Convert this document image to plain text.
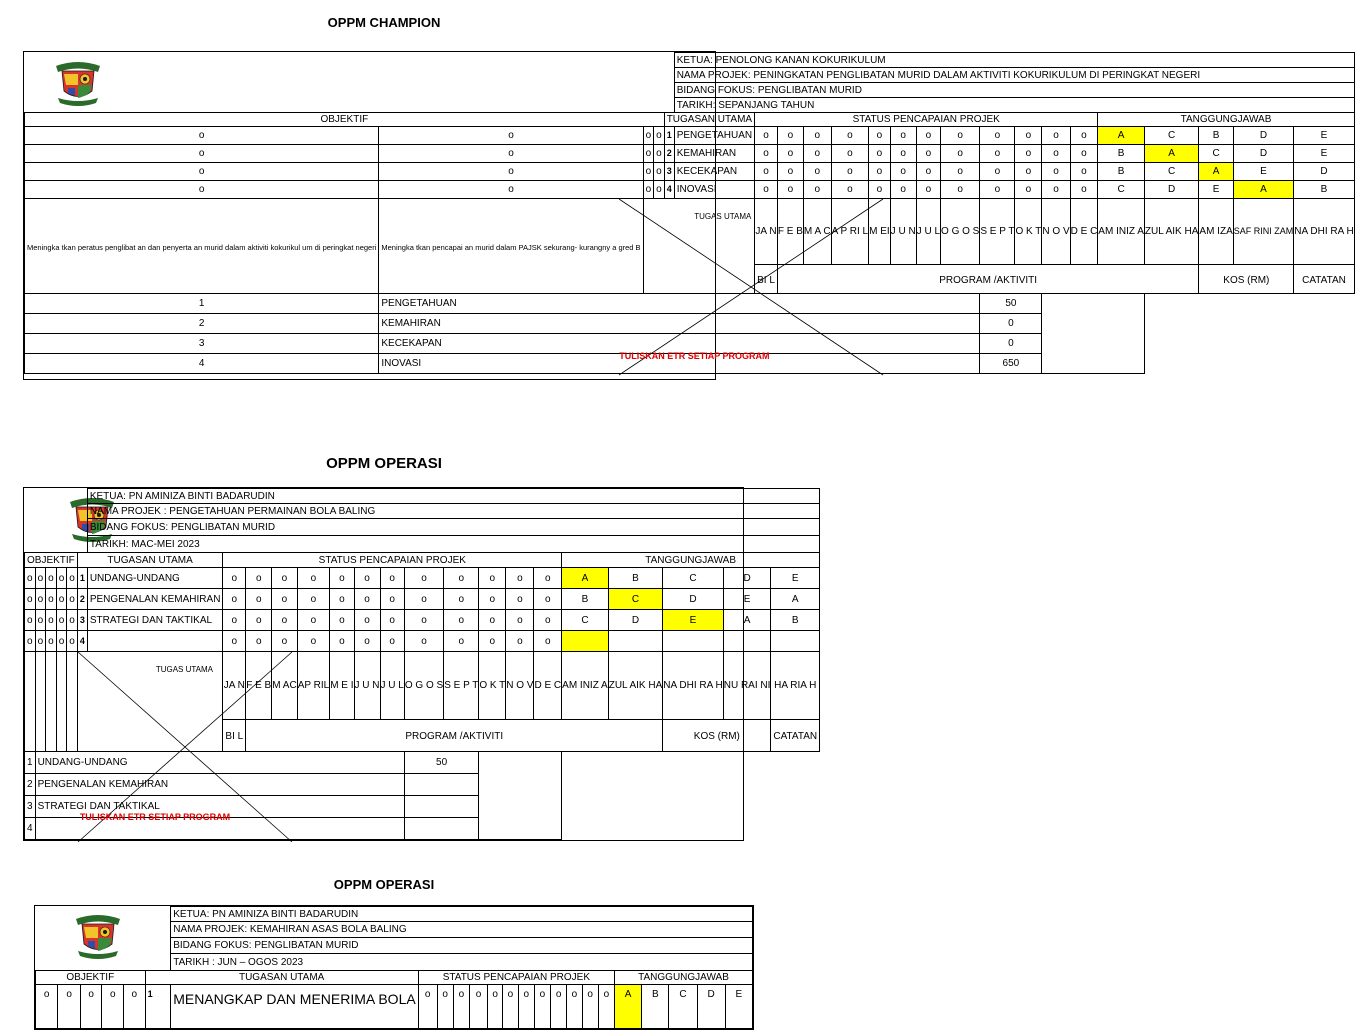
OPPM CHAMPION
					KETUA: PENOLONG KANAN KOKURIKULUM																	
					NAMA PROJEK: PENINGKATAN PENGLIBATAN MURID DALAM AKTIVITI KOKURIKULUM DI PERINGKAT NEGERI																	
					BIDANG FOKUS: PENGLIBATAN MURID																	
					TARIKH: SEPANJANG TAHUN																	
OBJEKTIF				TUGASAN UTAMA		STATUS PENCAPAIAN PROJEK												TANGGUNGJAWAB				
o	o	o	o	1	PENGETAHUAN	o	o	o	o	o	o	o	o	o	o	o	o	A	C	B	D	E
o	o	o	o	2	KEMAHIRAN	o	o	o	o	o	o	o	o	o	o	o	o	B	A	C	D	E
o	o	o	o	3	KECEKAPAN	o	o	o	o	o	o	o	o	o	o	o	o	B	C	A	E	D
o	o	o	o	4	INOVASI	o	o	o	o	o	o	o	o	o	o	o	o	C	D	E	A	B
Meningka tkan peratus penglibat an dan penyerta an murid dalam aktiviti kokurikul um di peringkat negeri	Meningka tkan pencapai an murid dalam PAJSK sekurang- kurangny a gred B				TUGAS UTAMA
TULISKAN ETR SETIAP PROGRAM	JA N	F E B	M A C	A P RI L	M EI	J U N	J U L	O G O S	S E P T	O K T	N O V	D E C	AM INIZ A	ZUL AIK HA	AM IZA	SAF RINI ZAM	NA DHI RA H
						BI L	PROGRAM /AKTIVITI													KOS (RM)		CATATAN
1	PENGETAHUAN													50								
2	KEMAHIRAN													0								
3	KECEKAPAN													0								
4	INOVASI													650								
OPPM OPERASI
						KETUA: PN AMINIZA BINTI BADARUDIN																	
						NAMA PROJEK : PENGETAHUAN PERMAINAN BOLA BALING																	
						BIDANG FOKUS: PENGLIBATAN MURID																	
						TARIKH: MAC-MEI 2023																	
OBJEKTIF					TUGASAN UTAMA		STATUS PENCAPAIAN PROJEK												TANGGUNGJAWAB				
o	o	o	o	o	1	UNDANG-UNDANG	o	o	o	o	o	o	o	o	o	o	o	o	A	B	C	D	E
o	o	o	o	o	2	PENGENALAN KEMAHIRAN	o	o	o	o	o	o	o	o	o	o	o	o	B	C	D	E	A
o	o	o	o	o	3	STRATEGI DAN TAKTIKAL	o	o	o	o	o	o	o	o	o	o	o	o	C	D	E	A	B
o	o	o	o	o	4		o	o	o	o	o	o	o	o	o	o	o	o					

					TUGAS UTAMA
TULISKAN ETR SETIAP PROGRAM		JA N	F E B	M AC	AP RIL	M E I	J U N	J U L	O G O S	S E P T	O K T	N O V	D E C	AM INIZ A	ZUL AIK HA	NA DHI RA H	NU RAI NI	HA RIA H
							BI L	PROGRAM /AKTIVITI													KOS (RM)		CATATAN
1	UNDANG-UNDANG													50									
2	PENGENALAN KEMAHIRAN																						
3	STRATEGI DAN TAKTIKAL																						
4																							
OPPM OPERASI
						KETUA: PN AMINIZA BINTI BADARUDIN																	
						NAMA PROJEK: KEMAHIRAN ASAS BOLA BALING																	
						BIDANG FOKUS: PENGLIBATAN MURID																	
						TARIKH : JUN – OGOS 2023																	
OBJEKTIF					TUGASAN UTAMA		STATUS PENCAPAIAN PROJEK												TANGGUNGJAWAB				
o	o	o	o	o	1	MENANGKAP DAN MENERIMA BOLA	o	o	o	o	o	o	o	o	o	o	o	o	A	B	C	D	E
